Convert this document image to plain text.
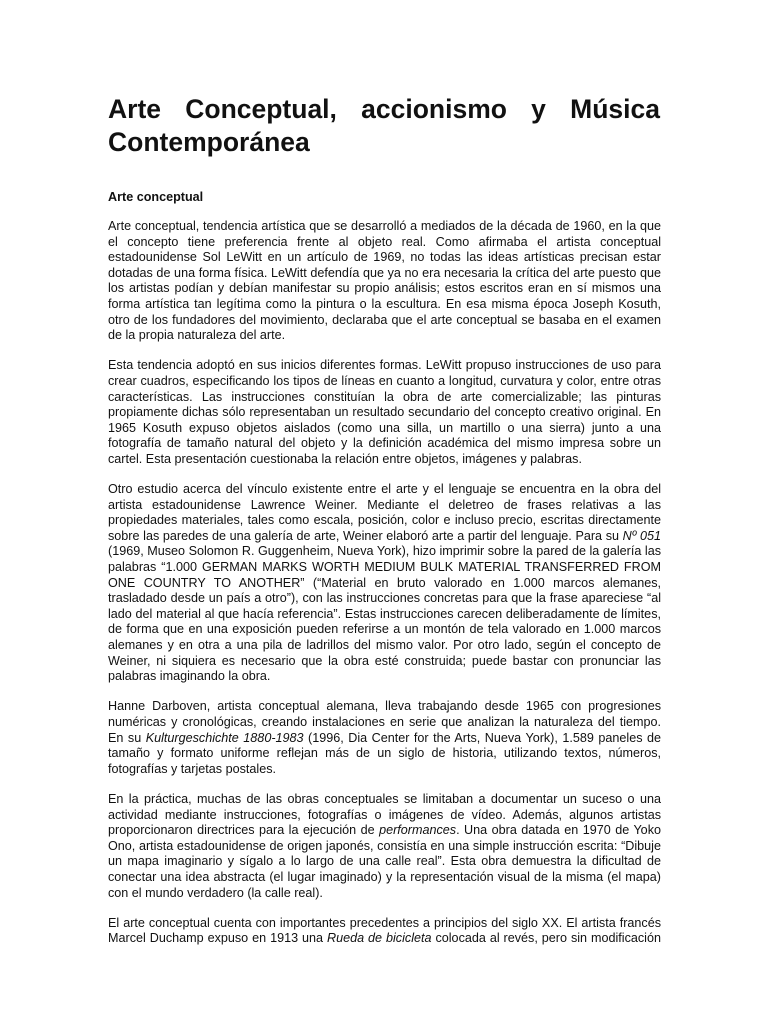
Arte Conceptual, accionismo y Música Contemporánea
Arte conceptual

Arte conceptual, tendencia artística que se desarrolló a mediados de la década de 1960, en la que el concepto tiene preferencia frente al objeto real. Como afirmaba el artista conceptual estadounidense Sol LeWitt en un artículo de 1969, no todas las ideas artísticas precisan estar dotadas de una forma física. LeWitt defendía que ya no era necesaria la crítica del arte puesto que los artistas podían y debían manifestar su propio análisis; estos escritos eran en sí mismos una forma artística tan legítima como la pintura o la escultura. En esa misma época Joseph Kosuth, otro de los fundadores del movimiento, declaraba que el arte conceptual se basaba en el examen de la propia naturaleza del arte.

Esta tendencia adoptó en sus inicios diferentes formas. LeWitt propuso instrucciones de uso para crear cuadros, especificando los tipos de líneas en cuanto a longitud, curvatura y color, entre otras características. Las instrucciones constituían la obra de arte comercializable; las pinturas propiamente dichas sólo representaban un resultado secundario del concepto creativo original. En 1965 Kosuth expuso objetos aislados (como una silla, un martillo o una sierra) junto a una fotografía de tamaño natural del objeto y la definición académica del mismo impresa sobre un cartel. Esta presentación cuestionaba la relación entre objetos, imágenes y palabras.

Otro estudio acerca del vínculo existente entre el arte y el lenguaje se encuentra en la obra del artista estadounidense Lawrence Weiner. Mediante el deletreo de frases relativas a las propiedades materiales, tales como escala, posición, color e incluso precio, escritas directamente sobre las paredes de una galería de arte, Weiner elaboró arte a partir del lenguaje. Para su Nº 051 (1969, Museo Solomon R. Guggenheim, Nueva York), hizo imprimir sobre la pared de la galería las palabras “1.000 GERMAN MARKS WORTH MEDIUM BULK MATERIAL TRANSFERRED FROM ONE COUNTRY TO ANOTHER” (“Material en bruto valorado en 1.000 marcos alemanes, trasladado desde un país a otro”), con las instrucciones concretas para que la frase apareciese “al lado del material al que hacía referencia”. Estas instrucciones carecen deliberadamente de límites, de forma que en una exposición pueden referirse a un montón de tela valorado en 1.000 marcos alemanes y en otra a una pila de ladrillos del mismo valor. Por otro lado, según el concepto de Weiner, ni siquiera es necesario que la obra esté construida; puede bastar con pronunciar las palabras imaginando la obra.

Hanne Darboven, artista conceptual alemana, lleva trabajando desde 1965 con progresiones numéricas y cronológicas, creando instalaciones en serie que analizan la naturaleza del tiempo. En su Kulturgeschichte 1880-1983 (1996, Dia Center for the Arts, Nueva York), 1.589 paneles de tamaño y formato uniforme reflejan más de un siglo de historia, utilizando textos, números, fotografías y tarjetas postales.

En la práctica, muchas de las obras conceptuales se limitaban a documentar un suceso o una actividad mediante instrucciones, fotografías o imágenes de vídeo. Además, algunos artistas proporcionaron directrices para la ejecución de performances. Una obra datada en 1970 de Yoko Ono, artista estadounidense de origen japonés, consistía en una simple instrucción escrita: “Dibuje un mapa imaginario y sígalo a lo largo de una calle real”. Esta obra demuestra la dificultad de conectar una idea abstracta (el lugar imaginado) y la representación visual de la misma (el mapa) con el mundo verdadero (la calle real).

El arte conceptual cuenta con importantes precedentes a principios del siglo XX. El artista francés Marcel Duchamp expuso en 1913 una Rueda de bicicleta colocada al revés, pero sin modificación
